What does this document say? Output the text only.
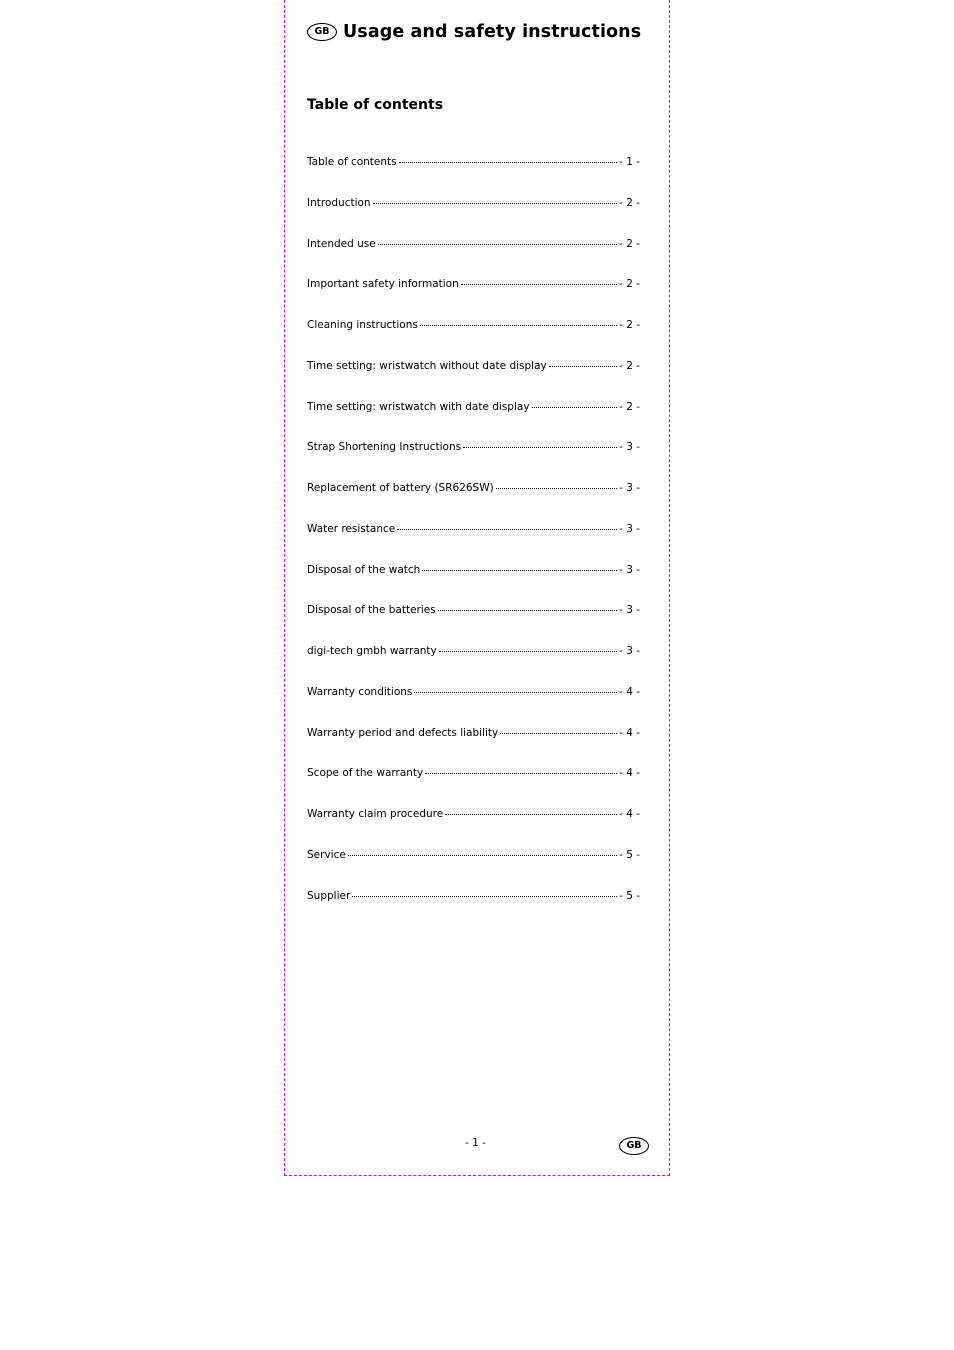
GB Usage and safety instructions
Table of contents
Table of contents	- 1 -
Introduction	- 2 -
Intended use	- 2 -
Important safety information	- 2 -
Cleaning instructions	- 2 -
Time setting: wristwatch without date display	- 2 -
Time setting: wristwatch with date display	- 2 -
Strap Shortening Instructions	- 3 -
Replacement of battery (SR626SW)	- 3 -
Water resistance	- 3 -
Disposal of the watch	- 3 -
Disposal of the batteries	- 3 -
digi-tech gmbh warranty	- 3 -
Warranty conditions	- 4 -
Warranty period and defects liability	- 4 -
Scope of the warranty	- 4 -
Warranty claim procedure	- 4 -
Service	- 5 -
Supplier	- 5 -
- 1 -	GB
